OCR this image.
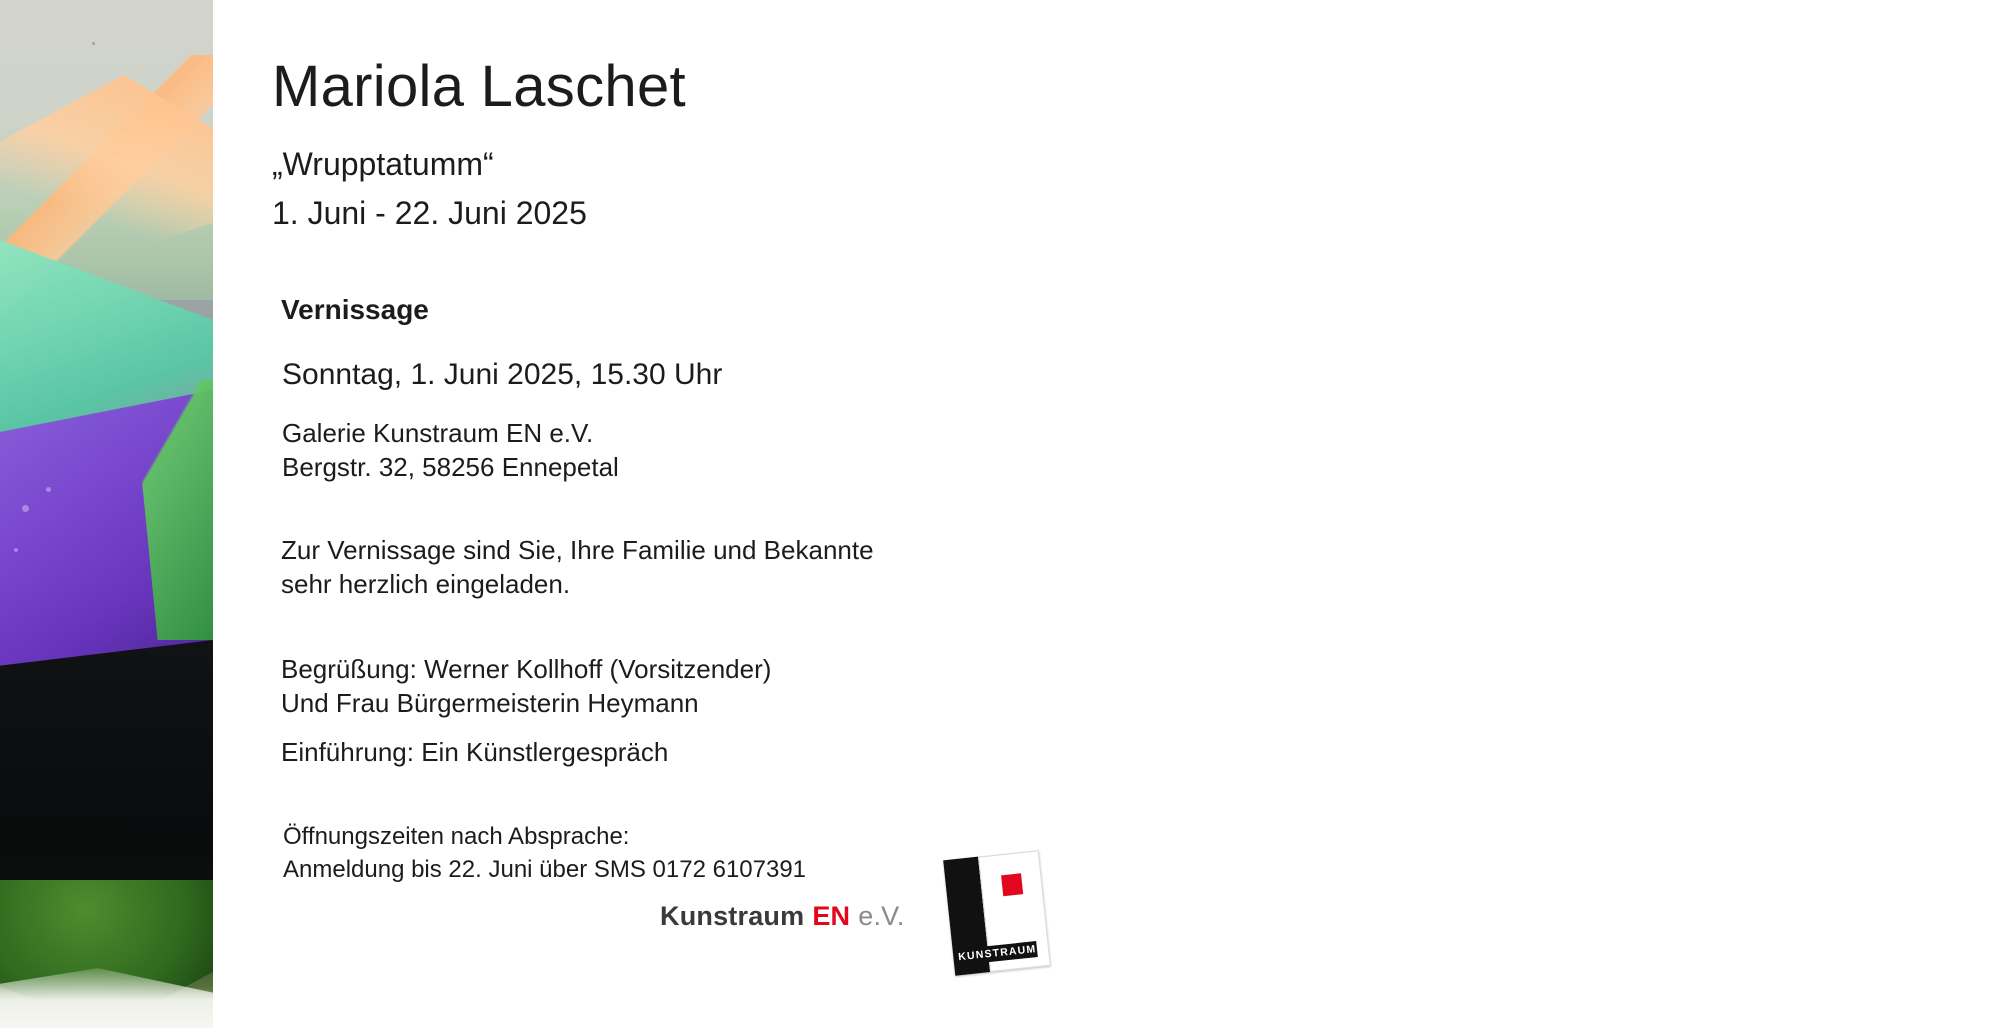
Mariola Laschet

„Wrupptatumm“

1. Juni - 22. Juni 2025

Vernissage

Sonntag, 1. Juni 2025, 15.30 Uhr

Galerie Kunstraum EN e.V.
Bergstr. 32, 58256 Ennepetal
Zur Vernissage sind Sie, Ihre Familie und Bekannte
sehr herzlich eingeladen.
Begrüßung: Werner Kollhoff (Vorsitzender)
Und Frau Bürgermeisterin Heymann

Einführung: Ein Künstlergespräch

Öffnungszeiten nach Absprache:
Anmeldung bis 22. Juni über SMS 0172 6107391
Kunstraum EN e.V.
KUNSTRAUM
